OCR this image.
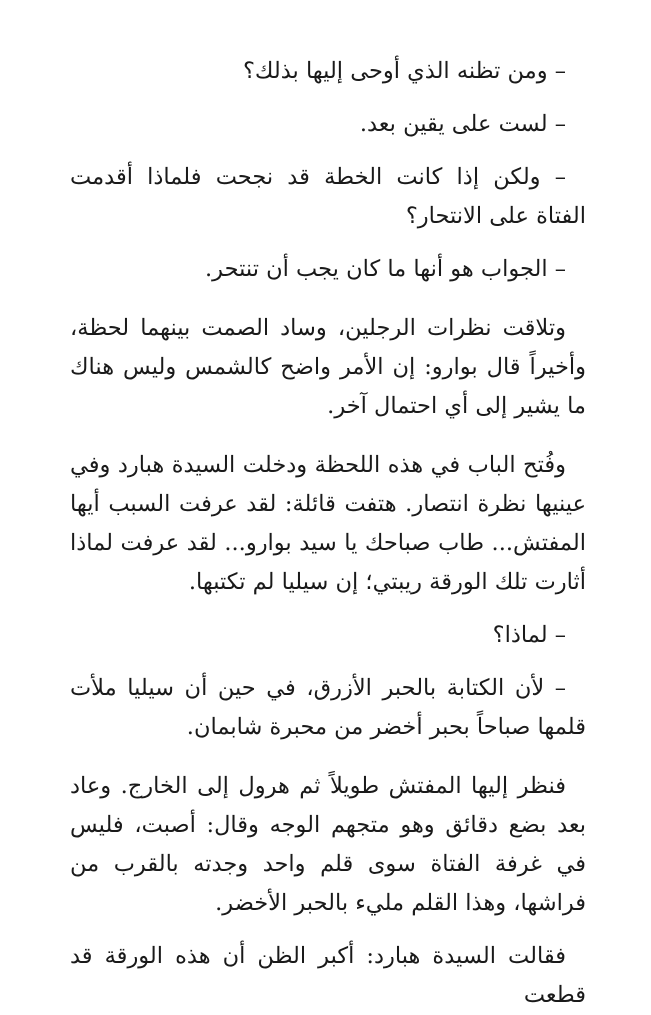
– ومن تظنه الذي أوحى إليها بذلك؟

– لست على يقين بعد.

– ولكن إذا كانت الخطة قد نجحت فلماذا أقدمت الفتاة على الانتحار؟

– الجواب هو أنها ما كان يجب أن تنتحر.

وتلاقت نظرات الرجلين، وساد الصمت بينهما لحظة، وأخيراً قال بوارو: إن الأمر واضح كالشمس وليس هناك ما يشير إلى أي احتمال آخر.

وفُتح الباب في هذه اللحظة ودخلت السيدة هبارد وفي عينيها نظرة انتصار. هتفت قائلة: لقد عرفت السبب أيها المفتش... طاب صباحك يا سيد بوارو... لقد عرفت لماذا أثارت تلك الورقة ريبتي؛ إن سيليا لم تكتبها.

– لماذا؟

– لأن الكتابة بالحبر الأزرق، في حين أن سيليا ملأت قلمها صباحاً بحبر أخضر من محبرة شابمان.

فنظر إليها المفتش طويلاً ثم هرول إلى الخارج. وعاد بعد بضع دقائق وهو متجهم الوجه وقال: أصبت، فليس في غرفة الفتاة سوى قلم واحد وجدته بالقرب من فراشها، وهذا القلم مليء بالحبر الأخضر.

فقالت السيدة هبارد: أكبر الظن أن هذه الورقة قد قطعت
